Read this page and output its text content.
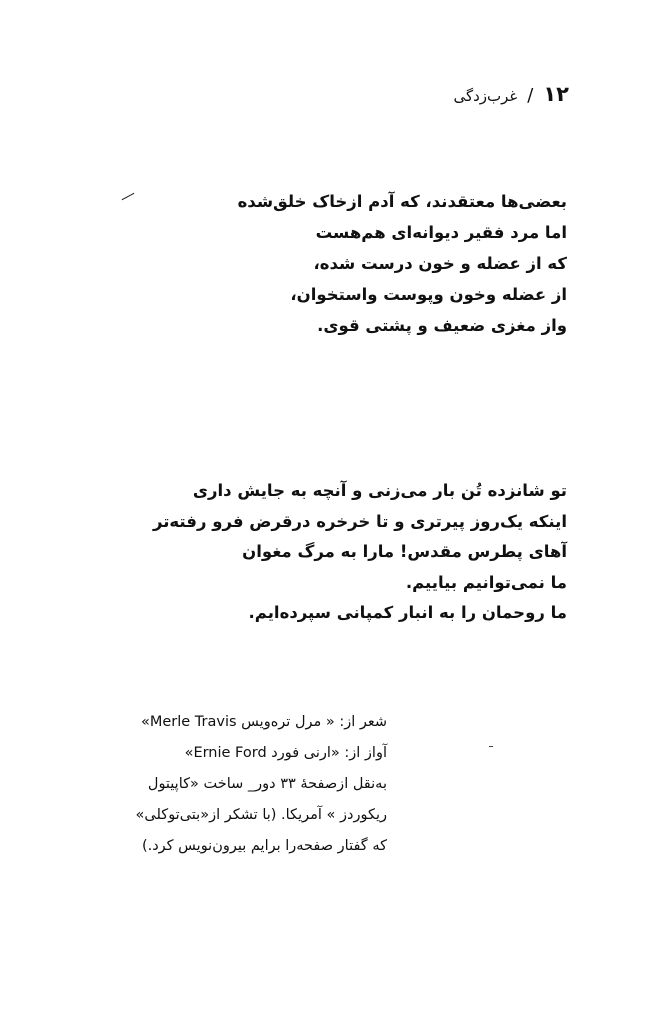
۱۲
/
غرب‌زدگی
بعضی‌ها معتقدند، که آدم ازخاک خلق‌شده
اما مرد فقیر دیوانه‌ای هم‌هست
که از عضله و خون درست شده،
از عضله وخون وپوست واستخوان،
واز مغزی ضعیف و پشتی قوی.
تو شانزده تُن بار می‌زنی و آنچه به جایش داری
اینکه یک‌روز پیرتری و تا خرخره درقرض فرو رفته‌تر
آهای پطرس مقدس! مارا به مرگ مغوان
ما نمی‌توانیم بیاییم.
ما روحمان را به انبار کمپانی سپرده‌ایم.
شعر از: « مرل ترەویس Merle Travis»
آواز از: «ارنی فورد Ernie Ford»
به‌نقل ازصفحهٔ ۳۳ دور_ ساخت «کاپیتول
ریکوردز » آمریکا. (با تشکر از«بتی‌توکلی»
که گفتار صفحه‌را برایم بیرون‌نویس کرد.)
